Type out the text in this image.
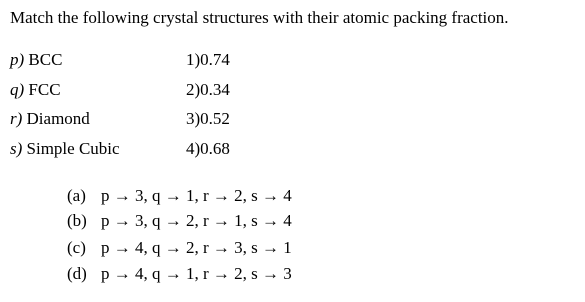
Match the following crystal structures with their atomic packing fraction.
p) BCC	1)0.74
q) FCC	2)0.34
r) Diamond	3)0.52
s) Simple Cubic	4)0.68
(a) p → 3, q → 1, r → 2, s → 4
(b) p → 3, q → 2, r → 1, s → 4
(c) p → 4, q → 2, r → 3, s → 1
(d) p → 4, q → 1, r → 2, s → 3
